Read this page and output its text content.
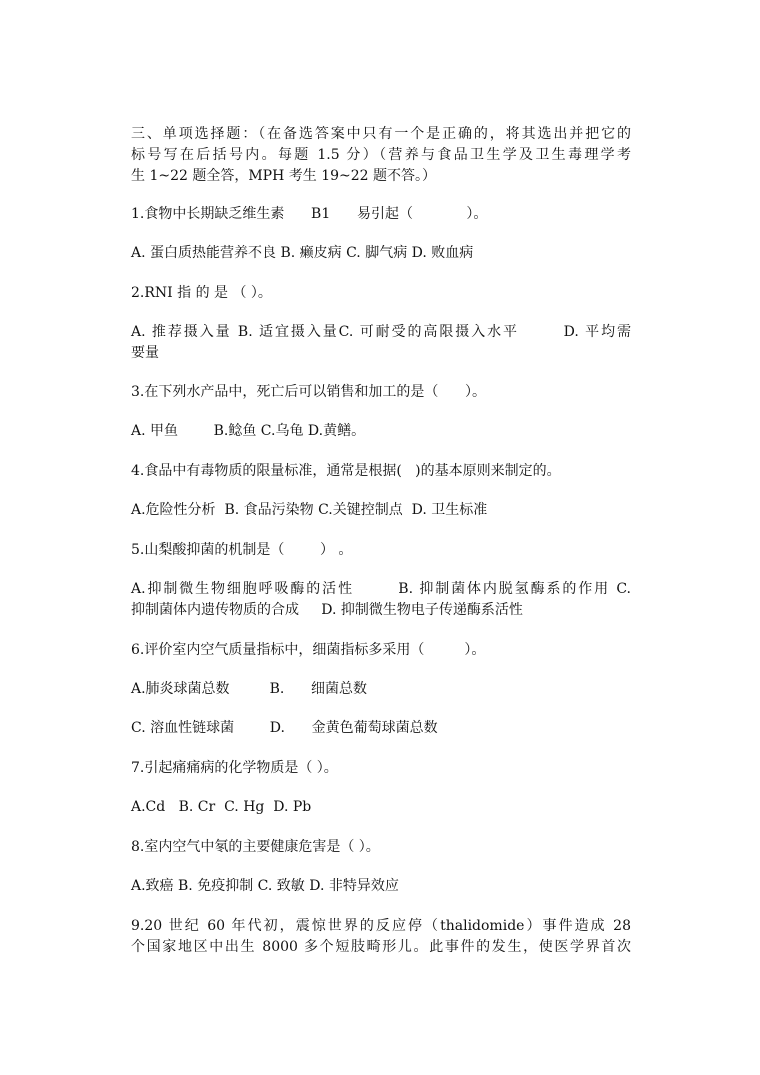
三、单项选择题：（在备选答案中只有一个是正确的，将其选出并把它的

标号写在后括号内。每题 1.5 分）（营养与食品卫生学及卫生毒理学考

生 1~22 题全答，MPH 考生 19~22 题不答。）

1.食物中长期缺乏维生素      B1      易引起（            ）。

A. 蛋白质热能营养不良 B. 癞皮病 C. 脚气病 D. 败血病

2.RNI 指 的 是 （ ）。

A. 推荐摄入量 B. 适宜摄入量C. 可耐受的高限摄入水平       D. 平均需

要量

3.在下列水产品中，死亡后可以销售和加工的是（      ）。

A. 甲鱼        B.鲶鱼 C.乌龟 D.黄鳝。

4.食品中有毒物质的限量标准，通常是根据(   )的基本原则来制定的。

A.危险性分析  B. 食品污染物 C.关键控制点  D. 卫生标准

5.山梨酸抑菌的机制是（        ） 。

A.抑制微生物细胞呼吸酶的活性       B. 抑制菌体内脱氢酶系的作用 C.

抑制菌体内遗传物质的合成     D. 抑制微生物电子传递酶系活性

6.评价室内空气质量指标中，细菌指标多采用（         ）。

A.肺炎球菌总数         B.      细菌总数

C. 溶血性链球菌        D.      金黄色葡萄球菌总数

7.引起痛痛病的化学物质是（ ）。

A.Cd   B. Cr  C. Hg  D. Pb

8.室内空气中氡的主要健康危害是（ ）。

A.致癌 B. 免疫抑制 C. 致敏 D. 非特异效应

9.20 世纪 60 年代初，震惊世界的反应停（thalidomide）事件造成 28

个国家地区中出生 8000 多个短肢畸形儿。此事件的发生，使医学界首次
